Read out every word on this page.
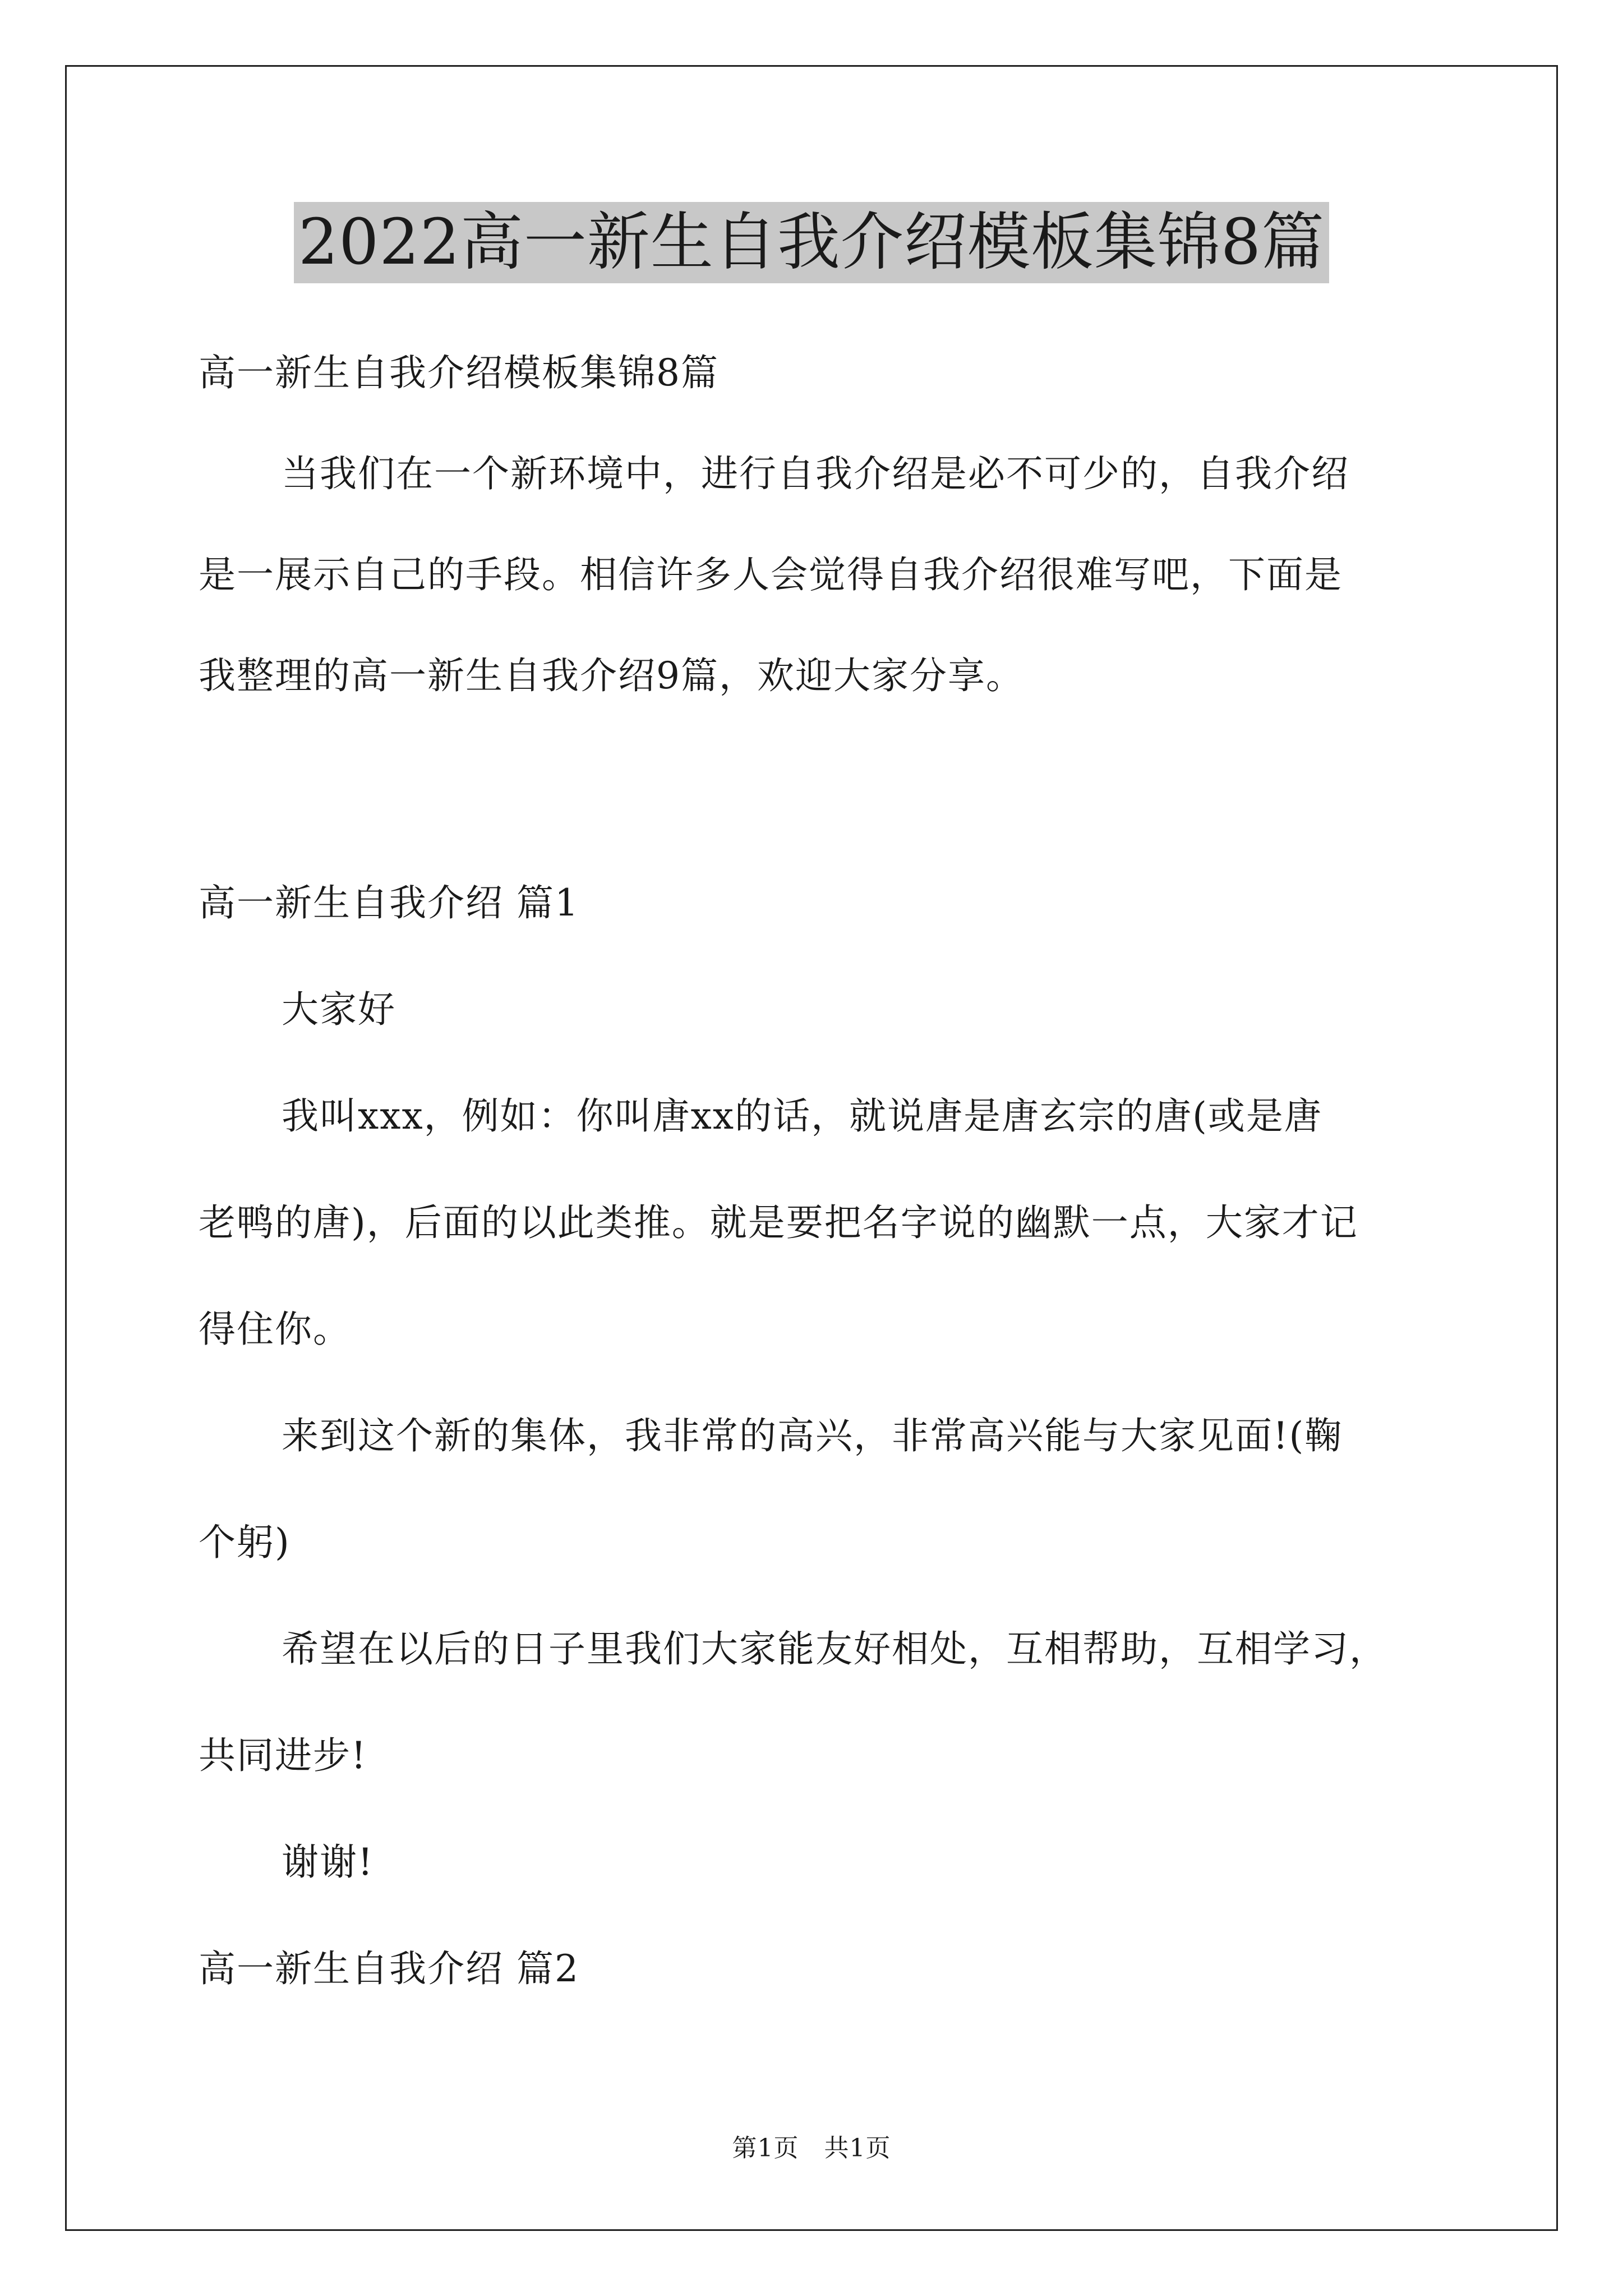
2022高一新生自我介绍模板集锦8篇
高一新生自我介绍模板集锦8篇
当我们在一个新环境中，进行自我介绍是必不可少的，自我介绍
是一展示自己的手段。相信许多人会觉得自我介绍很难写吧，下面是
我整理的高一新生自我介绍9篇，欢迎大家分享。
高一新生自我介绍 篇1
大家好
我叫xxx，例如：你叫唐xx的话，就说唐是唐玄宗的唐(或是唐
老鸭的唐)，后面的以此类推。就是要把名字说的幽默一点，大家才记
得住你。
来到这个新的集体，我非常的高兴，非常高兴能与大家见面!(鞠
个躬)
希望在以后的日子里我们大家能友好相处，互相帮助，互相学习，
共同进步!
谢谢!
高一新生自我介绍 篇2
第1页　共1页
